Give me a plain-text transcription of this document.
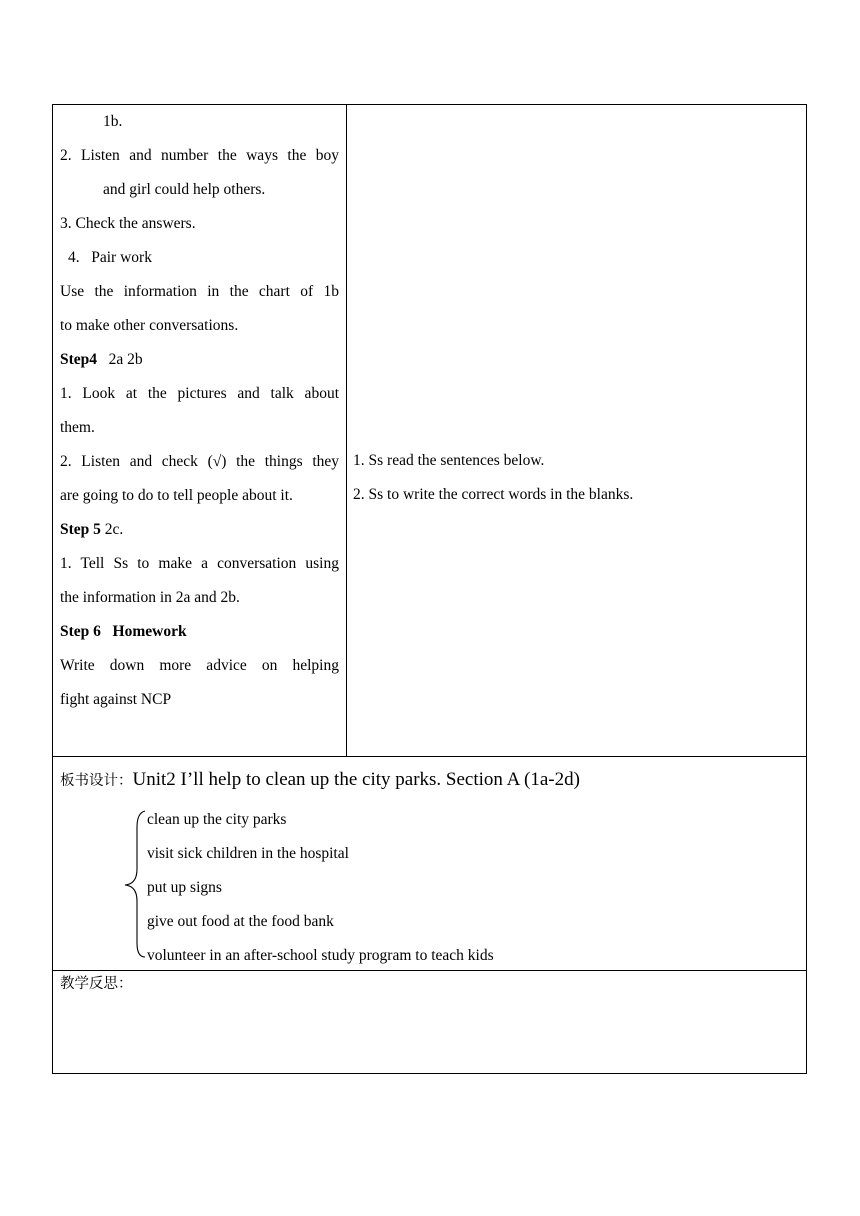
1b.
2. Listen and number the ways the boy
and girl could help others.
3. Check the answers.
4.   Pair work
Use the information in the chart of 1b
to make other conversations.
Step4   2a 2b
1. Look at the pictures and talk about
them.
2. Listen and check (√) the things they
are going to do to tell people about it.
Step 5 2c.
1. Tell Ss to make a conversation using
the information in 2a and 2b.
Step 6   Homework
Write down more advice on helping
fight against NCP
1. Ss read the sentences below.
2. Ss to write the correct words in the blanks.
板书设计：Unit2 I’ll help to clean up the city parks. Section A (1a-2d)
clean up the city parks
visit sick children in the hospital
put up signs
give out food at the food bank
volunteer in an after-school study program to teach kids
教学反思：
